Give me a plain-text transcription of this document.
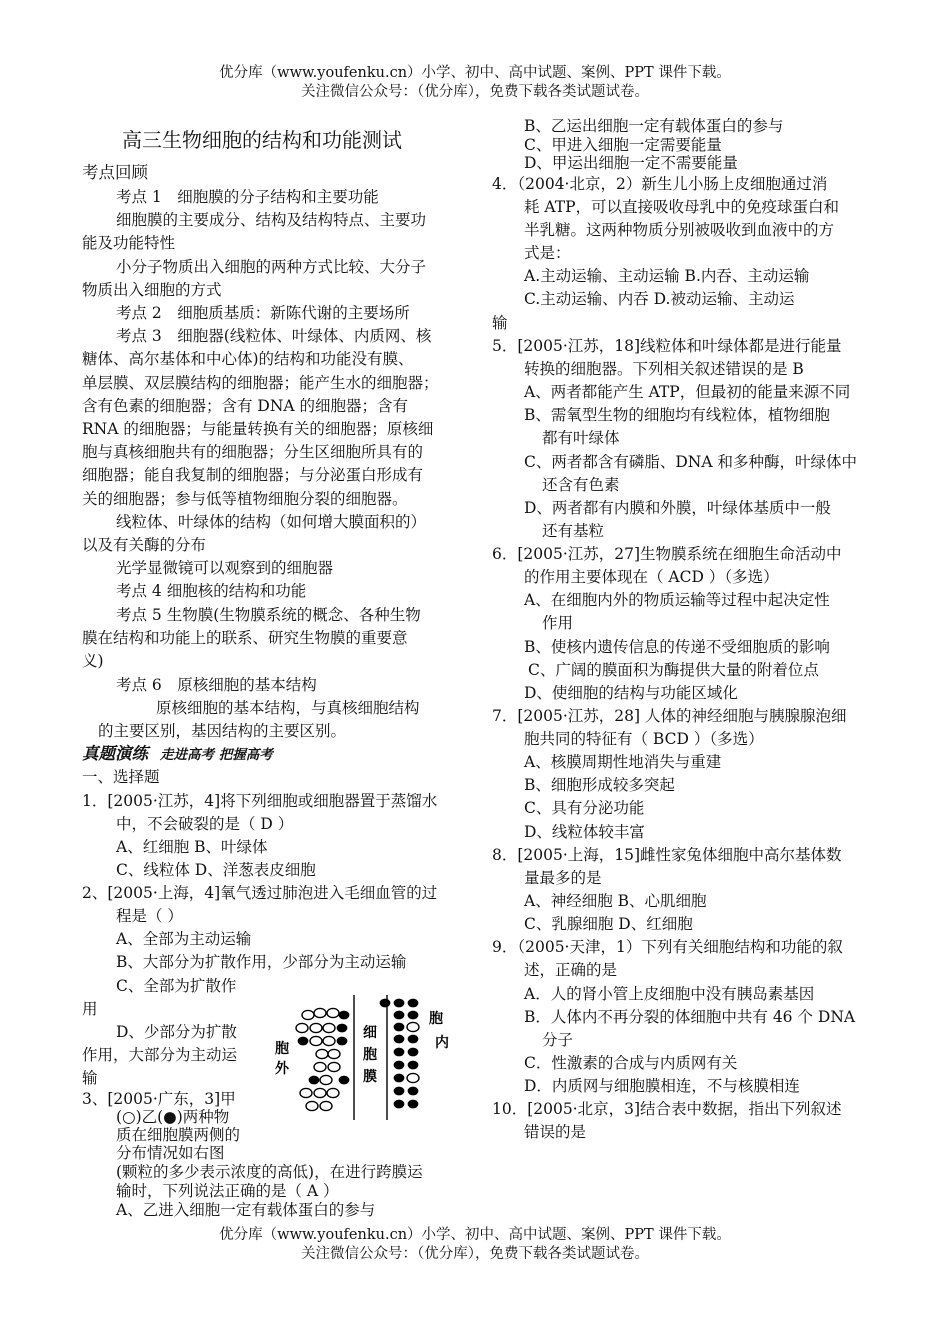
优分库（www.youfenku.cn）小学、初中、高中试题、案例、PPT 课件下载。
关注微信公众号：（优分库），免费下载各类试题试卷。
高三生物细胞的结构和功能测试
考点回顾
考点 1　细胞膜的分子结构和主要功能
细胞膜的主要成分、结构及结构特点、主要功
能及功能特性
小分子物质出入细胞的两种方式比较、大分子
物质出入细胞的方式
考点 2　细胞质基质：新陈代谢的主要场所
考点 3　细胞器(线粒体、叶绿体、内质网、核
糖体、高尔基体和中心体)的结构和功能没有膜、
单层膜、双层膜结构的细胞器；能产生水的细胞器；
含有色素的细胞器；含有 DNA 的细胞器；含有
RNA 的细胞器；与能量转换有关的细胞器；原核细
胞与真核细胞共有的细胞器；分生区细胞所具有的
细胞器；能自我复制的细胞器；与分泌蛋白形成有
关的细胞器；参与低等植物细胞分裂的细胞器。
线粒体、叶绿体的结构（如何增大膜面积的）
以及有关酶的分布
光学显微镜可以观察到的细胞器
考点 4 细胞核的结构和功能
考点 5 生物膜(生物膜系统的概念、各种生物
膜在结构和功能上的联系、研究生物膜的重要意
义)
考点 6　原核细胞的基本结构
原核细胞的基本结构，与真核细胞结构
的主要区别，基因结构的主要区别。
真题演练 走进高考 把握高考
一、选择题
1．[2005·江苏，4]将下列细胞或细胞器置于蒸馏水
中，不会破裂的是（ D ）
A、红细胞 B、叶绿体
C、线粒体 D、洋葱表皮细胞
2、[2005·上海，4]氧气透过肺泡进入毛细血管的过
程是（ ）
A、全部为主动运输
B、大部分为扩散作用，少部分为主动运输
C、全部为扩散作
用
D、少部分为扩散
作用，大部分为主动运
输
3、[2005·广东，3]甲
(○)乙(●)两种物
质在细胞膜两侧的
分布情况如右图
(颗粒的多少表示浓度的高低)，在进行跨膜运
输时，下列说法正确的是（ A ）
A、乙进入细胞一定有载体蛋白的参与
胞
外
细
胞
膜
胞
内
B、乙运出细胞一定有载体蛋白的参与
C、甲进入细胞一定需要能量
D、甲运出细胞一定不需要能量
4．（2004·北京，2）新生儿小肠上皮细胞通过消
耗 ATP，可以直接吸收母乳中的免疫球蛋白和
半乳糖。这两种物质分别被吸收到血液中的方
式是：
A.主动运输、主动运输 B.内吞、主动运输
C.主动运输、内吞 D.被动运输、主动运
输
5．[2005·江苏，18]线粒体和叶绿体都是进行能量
转换的细胞器。下列相关叙述错误的是 B
A、两者都能产生 ATP，但最初的能量来源不同
B、需氧型生物的细胞均有线粒体，植物细胞
都有叶绿体
C、两者都含有磷脂、DNA 和多种酶，叶绿体中
还含有色素
D、两者都有内膜和外膜，叶绿体基质中一般
还有基粒
6．[2005·江苏，27]生物膜系统在细胞生命活动中
的作用主要体现在（ ACD ）（多选）
A、在细胞内外的物质运输等过程中起决定性
作用
B、使核内遗传信息的传递不受细胞质的影响
C、广阔的膜面积为酶提供大量的附着位点
D、使细胞的结构与功能区域化
7．[2005·江苏，28] 人体的神经细胞与胰腺腺泡细
胞共同的特征有（ BCD ）（多选）
A、核膜周期性地消失与重建
B、细胞形成较多突起
C、具有分泌功能
D、线粒体较丰富
8．[2005·上海，15]雌性家兔体细胞中高尔基体数
量最多的是
A、神经细胞 B、心肌细胞
C、乳腺细胞 D、红细胞
9．（2005·天津，1）下列有关细胞结构和功能的叙
述，正确的是
A．人的肾小管上皮细胞中没有胰岛素基因
B．人体内不再分裂的体细胞中共有 46 个 DNA
分子
C．性激素的合成与内质网有关
D．内质网与细胞膜相连，不与核膜相连
10．[2005·北京，3]结合表中数据，指出下列叙述
错误的是
优分库（www.youfenku.cn）小学、初中、高中试题、案例、PPT 课件下载。
关注微信公众号：（优分库），免费下载各类试题试卷。
